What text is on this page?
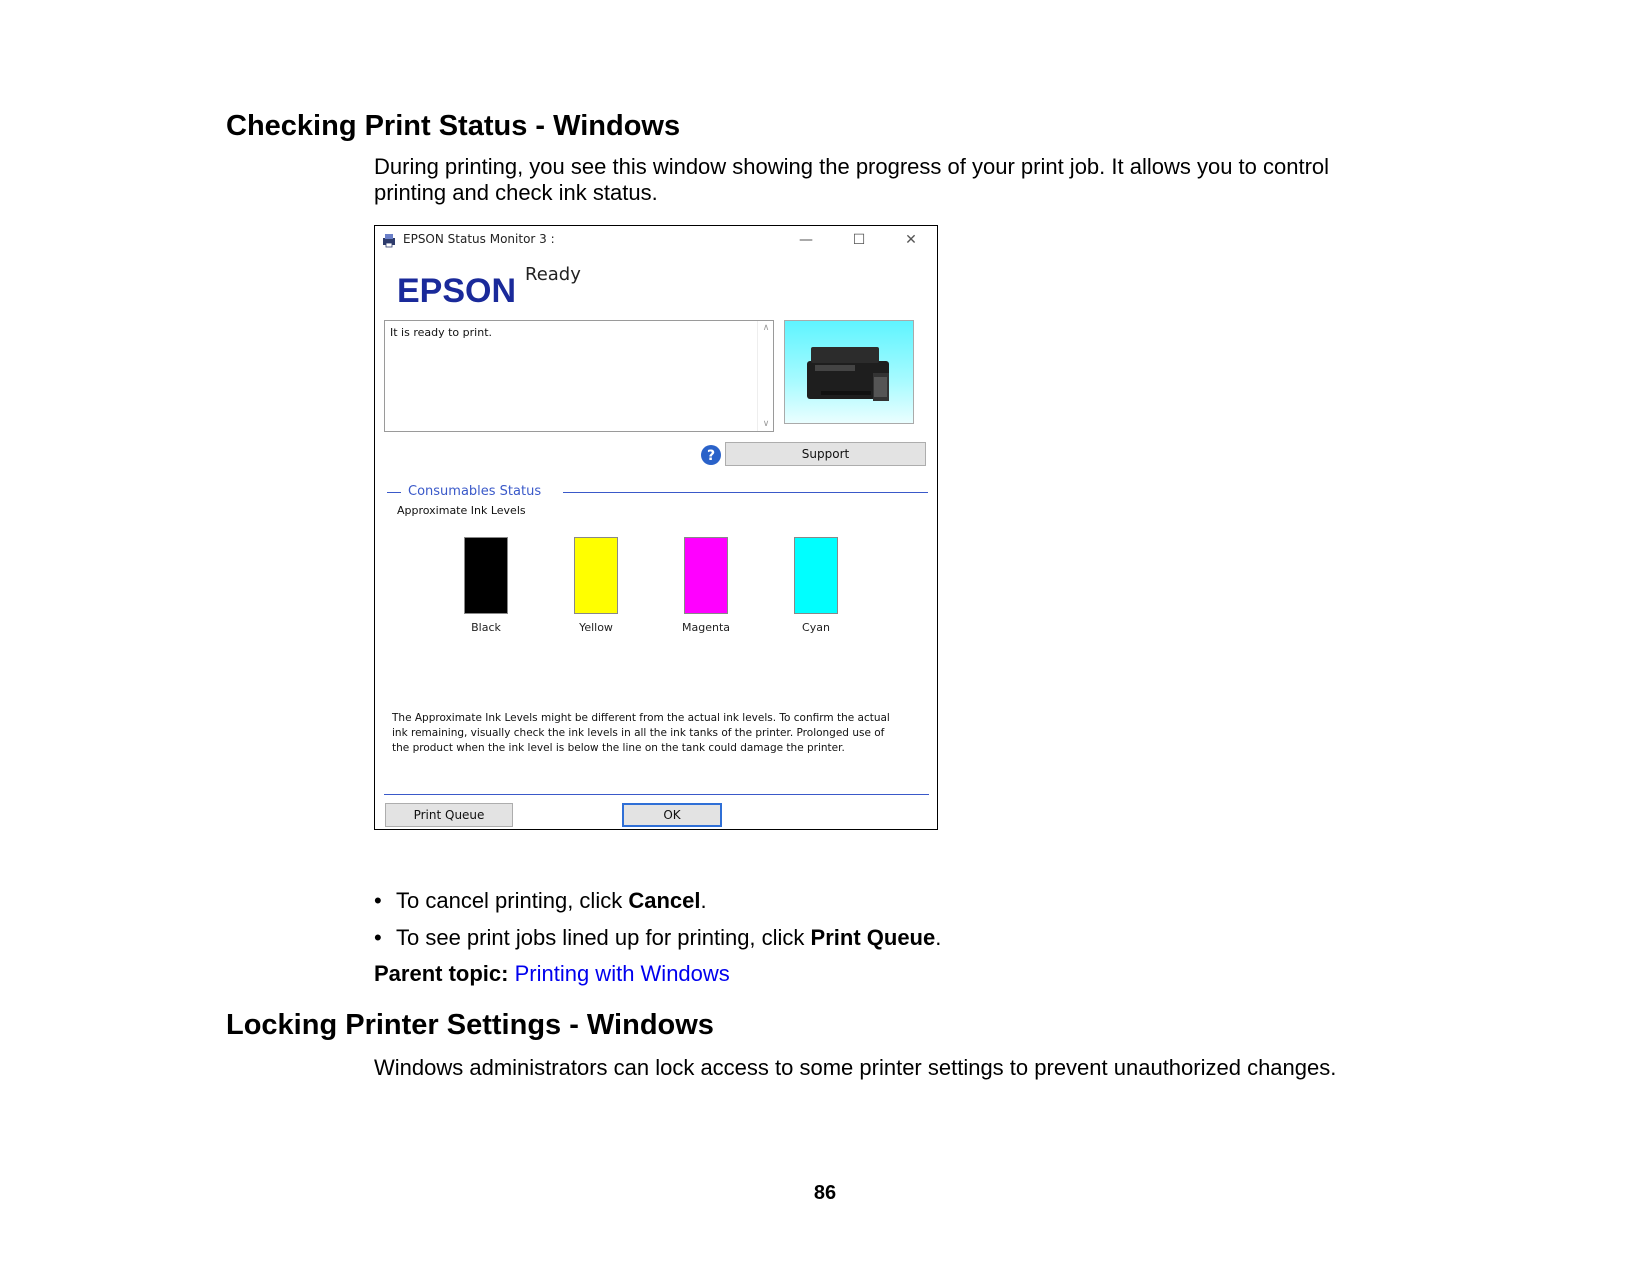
Checking Print Status - Windows

During printing, you see this window showing the progress of your print job. It allows you to control

printing and check ink status.

EPSON Status Monitor 3 :	—	☐	✕
EPSON Ready
It is ready to print.	∧
∨
?	Support
Consumables Status
Approximate Ink Levels
Black	Yellow	Magenta	Cyan
The Approximate Ink Levels might be different from the actual ink levels. To confirm the actual
ink remaining, visually check the ink levels in all the ink tanks of the printer. Prolonged use of
the product when the ink level is below the line on the tank could damage the printer.
Print Queue	OK
• To cancel printing, click Cancel.
• To see print jobs lined up for printing, click Print Queue.

Parent topic: Printing with Windows

Locking Printer Settings - Windows

Windows administrators can lock access to some printer settings to prevent unauthorized changes.

86
